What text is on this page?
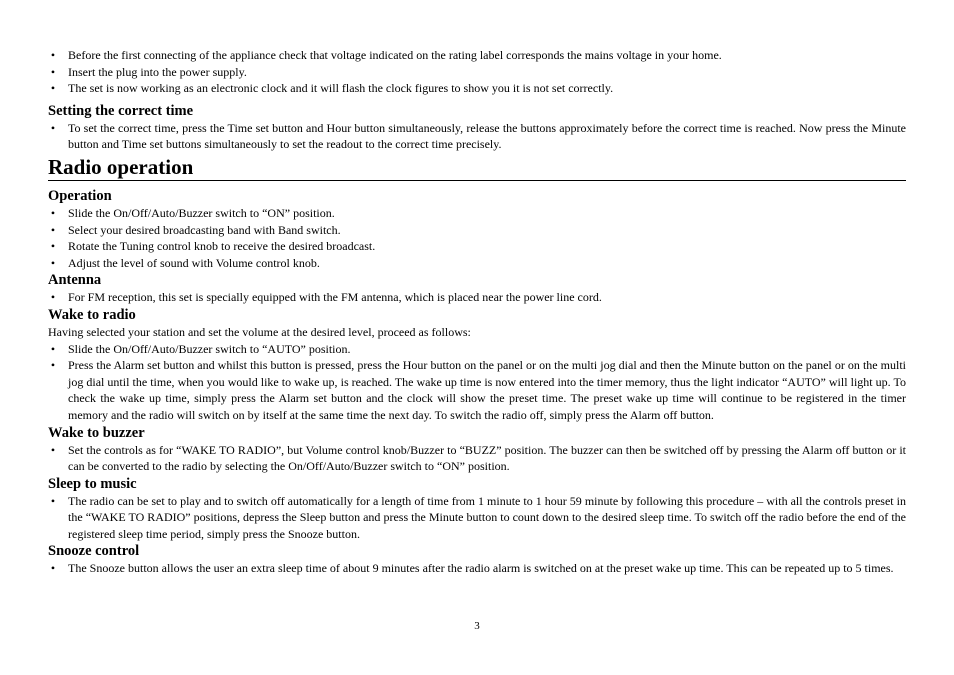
• Before the first connecting of the appliance check that voltage indicated on the rating label corresponds the mains voltage in your home.
• Insert the plug into the power supply.
• The set is now working as an electronic clock and it will flash the clock figures to show you it is not set correctly.
Setting the correct time
• To set the correct time, press the Time set button and Hour button simultaneously, release the buttons approximately before the correct time is reached. Now press the Minute button and Time set buttons simultaneously to set the readout to the correct time precisely.
Radio operation
Operation
• Slide the On/Off/Auto/Buzzer switch to “ON” position.
• Select your desired broadcasting band with Band switch.
• Rotate the Tuning control knob to receive the desired broadcast.
• Adjust the level of sound with Volume control knob.
Antenna
• For FM reception, this set is specially equipped with the FM antenna, which is placed near the power line cord.
Wake to radio

Having selected your station and set the volume at the desired level, proceed as follows:

• Slide the On/Off/Auto/Buzzer switch to “AUTO” position.
• Press the Alarm set button and whilst this button is pressed, press the Hour button on the panel or on the multi jog dial and then the Minute button on the panel or on the multi jog dial until the time, when you would like to wake up, is reached. The wake up time is now entered into the timer memory, thus the light indicator “AUTO” will light up. To check the wake up time, simply press the Alarm set button and the clock will show the preset time. The preset wake up time will continue to be registered in the timer memory and the radio will switch on by itself at the same time the next day. To switch the radio off, simply press the Alarm off button.
Wake to buzzer
• Set the controls as for “WAKE TO RADIO”, but Volume control knob/Buzzer to “BUZZ” position. The buzzer can then be switched off by pressing the Alarm off button or it can be converted to the radio by selecting the On/Off/Auto/Buzzer switch to “ON” position.
Sleep to music
• The radio can be set to play and to switch off automatically for a length of time from 1 minute to 1 hour 59 minute by following this procedure – with all the controls preset in the “WAKE TO RADIO” positions, depress the Sleep button and press the Minute button to count down to the desired sleep time. To switch off the radio before the end of the registered sleep time period, simply press the Snooze button.
Snooze control
• The Snooze button allows the user an extra sleep time of about 9 minutes after the radio alarm is switched on at the preset wake up time. This can be repeated up to 5 times.
3
